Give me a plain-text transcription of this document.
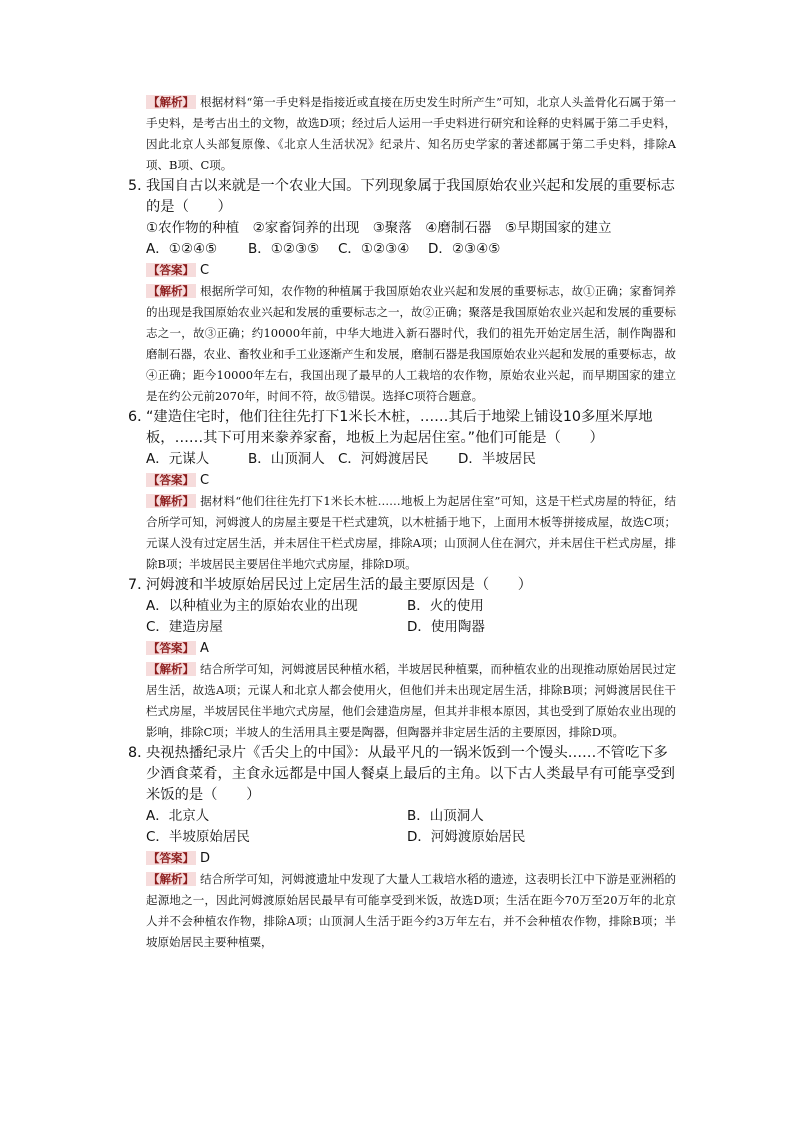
【解析】 根据材料“第一手史料是指接近或直接在历史发生时所产生”可知，北京人头盖骨化石属于第一手史料，是考古出土的文物，故选D项；经过后人运用一手史料进行研究和诠释的史料属于第二手史料，因此北京人头部复原像、《北京人生活状况》纪录片、知名历史学家的著述都属于第二手史料，排除A项、B项、C项。
5．
我国自古以来就是一个农业大国。下列现象属于我国原始农业兴起和发展的重要标志的是（　　）
①农作物的种植　②家畜饲养的出现　③聚落　④磨制石器　⑤早期国家的建立
A．①②④⑤	B．①②③⑤	C．①②③④	D．②③④⑤
【答案】 C
【解析】 根据所学可知，农作物的种植属于我国原始农业兴起和发展的重要标志，故①正确；家畜饲养的出现是我国原始农业兴起和发展的重要标志之一，故②正确；聚落是我国原始农业兴起和发展的重要标志之一，故③正确；约10000年前，中华大地进入新石器时代，我们的祖先开始定居生活，制作陶器和磨制石器，农业、畜牧业和手工业逐渐产生和发展，磨制石器是我国原始农业兴起和发展的重要标志，故④正确；距今10000年左右，我国出现了最早的人工栽培的农作物，原始农业兴起，而早期国家的建立是在约公元前2070年，时间不符，故⑤错误。选择C项符合题意。
6．
“建造住宅时，他们往往先打下1米长木桩，……其后于地梁上铺设10多厘米厚地板，……其下可用来豢养家畜，地板上为起居住室。”他们可能是（　　）
A．元谋人	B．山顶洞人 C．河姆渡居民	D．半坡居民
【答案】 C
【解析】 据材料“他们往往先打下1米长木桩……地板上为起居住室”可知，这是干栏式房屋的特征，结合所学可知，河姆渡人的房屋主要是干栏式建筑，以木桩插于地下，上面用木板等拼接成屋，故选C项；元谋人没有过定居生活，并未居住干栏式房屋，排除A项；山顶洞人住在洞穴，并未居住干栏式房屋，排除B项；半坡居民主要居住半地穴式房屋，排除D项。
7．
河姆渡和半坡原始居民过上定居生活的最主要原因是（　　）
A．以种植业为主的原始农业的出现	B．火的使用
C．建造房屋	D．使用陶器
【答案】 A
【解析】 结合所学可知，河姆渡居民种植水稻，半坡居民种植粟，而种植农业的出现推动原始居民过定居生活，故选A项；元谋人和北京人都会使用火，但他们并未出现定居生活，排除B项；河姆渡居民住干栏式房屋，半坡居民住半地穴式房屋，他们会建造房屋，但其并非根本原因，其也受到了原始农业出现的影响，排除C项；半坡人的生活用具主要是陶器，但陶器并非定居生活的主要原因，排除D项。
8．
央视热播纪录片《舌尖上的中国》：从最平凡的一锅米饭到一个馒头……不管吃下多少酒食菜肴，主食永远都是中国人餐桌上最后的主角。以下古人类最早有可能享受到米饭的是（　　）
A．北京人	B．山顶洞人
C．半坡原始居民	D．河姆渡原始居民
【答案】 D
【解析】 结合所学可知，河姆渡遗址中发现了大量人工栽培水稻的遗迹，这表明长江中下游是亚洲稻的起源地之一，因此河姆渡原始居民最早有可能享受到米饭，故选D项；生活在距今70万至20万年的北京人并不会种植农作物，排除A项；山顶洞人生活于距今约3万年左右，并不会种植农作物，排除B项；半坡原始居民主要种植粟，
